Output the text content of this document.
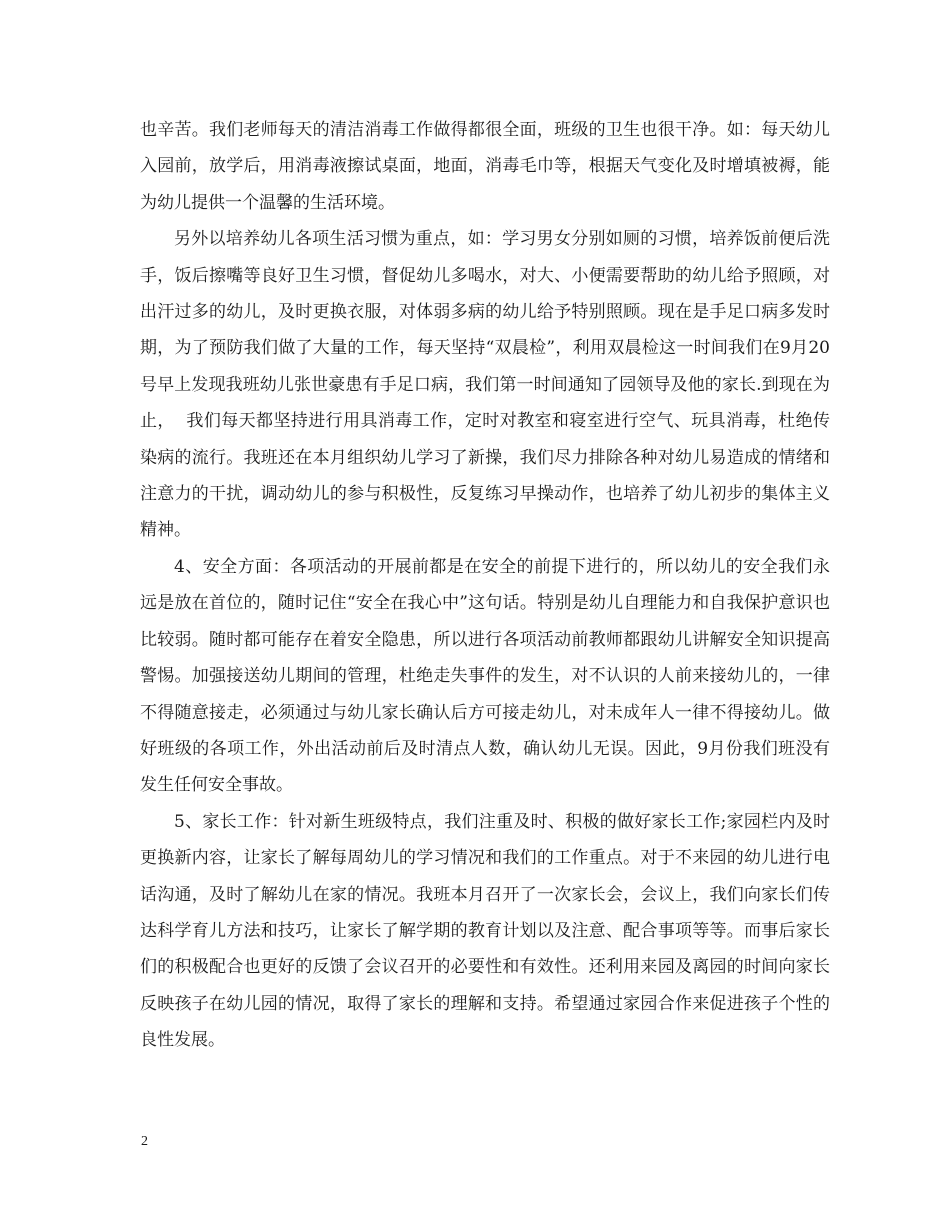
也辛苦。我们老师每天的清洁消毒工作做得都很全面，班级的卫生也很干净。如：每天幼儿入园前，放学后，用消毒液擦试桌面，地面，消毒毛巾等，根据天气变化及时增填被褥，能为幼儿提供一个温馨的生活环境。

另外以培养幼儿各项生活习惯为重点，如：学习男女分别如厕的习惯，培养饭前便后洗手，饭后擦嘴等良好卫生习惯，督促幼儿多喝水，对大、小便需要帮助的幼儿给予照顾，对出汗过多的幼儿，及时更换衣服，对体弱多病的幼儿给予特别照顾。现在是手足口病多发时期，为了预防我们做了大量的工作，每天坚持“双晨检”，利用双晨检这一时间我们在9月20号早上发现我班幼儿张世豪患有手足口病，我们第一时间通知了园领导及他的家长.到现在为止，  我们每天都坚持进行用具消毒工作，定时对教室和寝室进行空气、玩具消毒，杜绝传染病的流行。我班还在本月组织幼儿学习了新操，我们尽力排除各种对幼儿易造成的情绪和注意力的干扰，调动幼儿的参与积极性，反复练习早操动作，也培养了幼儿初步的集体主义精神。

4、安全方面：各项活动的开展前都是在安全的前提下进行的，所以幼儿的安全我们永远是放在首位的，随时记住“安全在我心中”这句话。特别是幼儿自理能力和自我保护意识也比较弱。随时都可能存在着安全隐患，所以进行各项活动前教师都跟幼儿讲解安全知识提高警惕。加强接送幼儿期间的管理，杜绝走失事件的发生，对不认识的人前来接幼儿的，一律不得随意接走，必须通过与幼儿家长确认后方可接走幼儿，对未成年人一律不得接幼儿。做好班级的各项工作，外出活动前后及时清点人数，确认幼儿无误。因此，9月份我们班没有发生任何安全事故。

5、家长工作：针对新生班级特点，我们注重及时、积极的做好家长工作;家园栏内及时更换新内容，让家长了解每周幼儿的学习情况和我们的工作重点。对于不来园的幼儿进行电话沟通，及时了解幼儿在家的情况。我班本月召开了一次家长会，会议上，我们向家长们传达科学育儿方法和技巧，让家长了解学期的教育计划以及注意、配合事项等等。而事后家长们的积极配合也更好的反馈了会议召开的必要性和有效性。还利用来园及离园的时间向家长反映孩子在幼儿园的情况，取得了家长的理解和支持。希望通过家园合作来促进孩子个性的良性发展。

2
